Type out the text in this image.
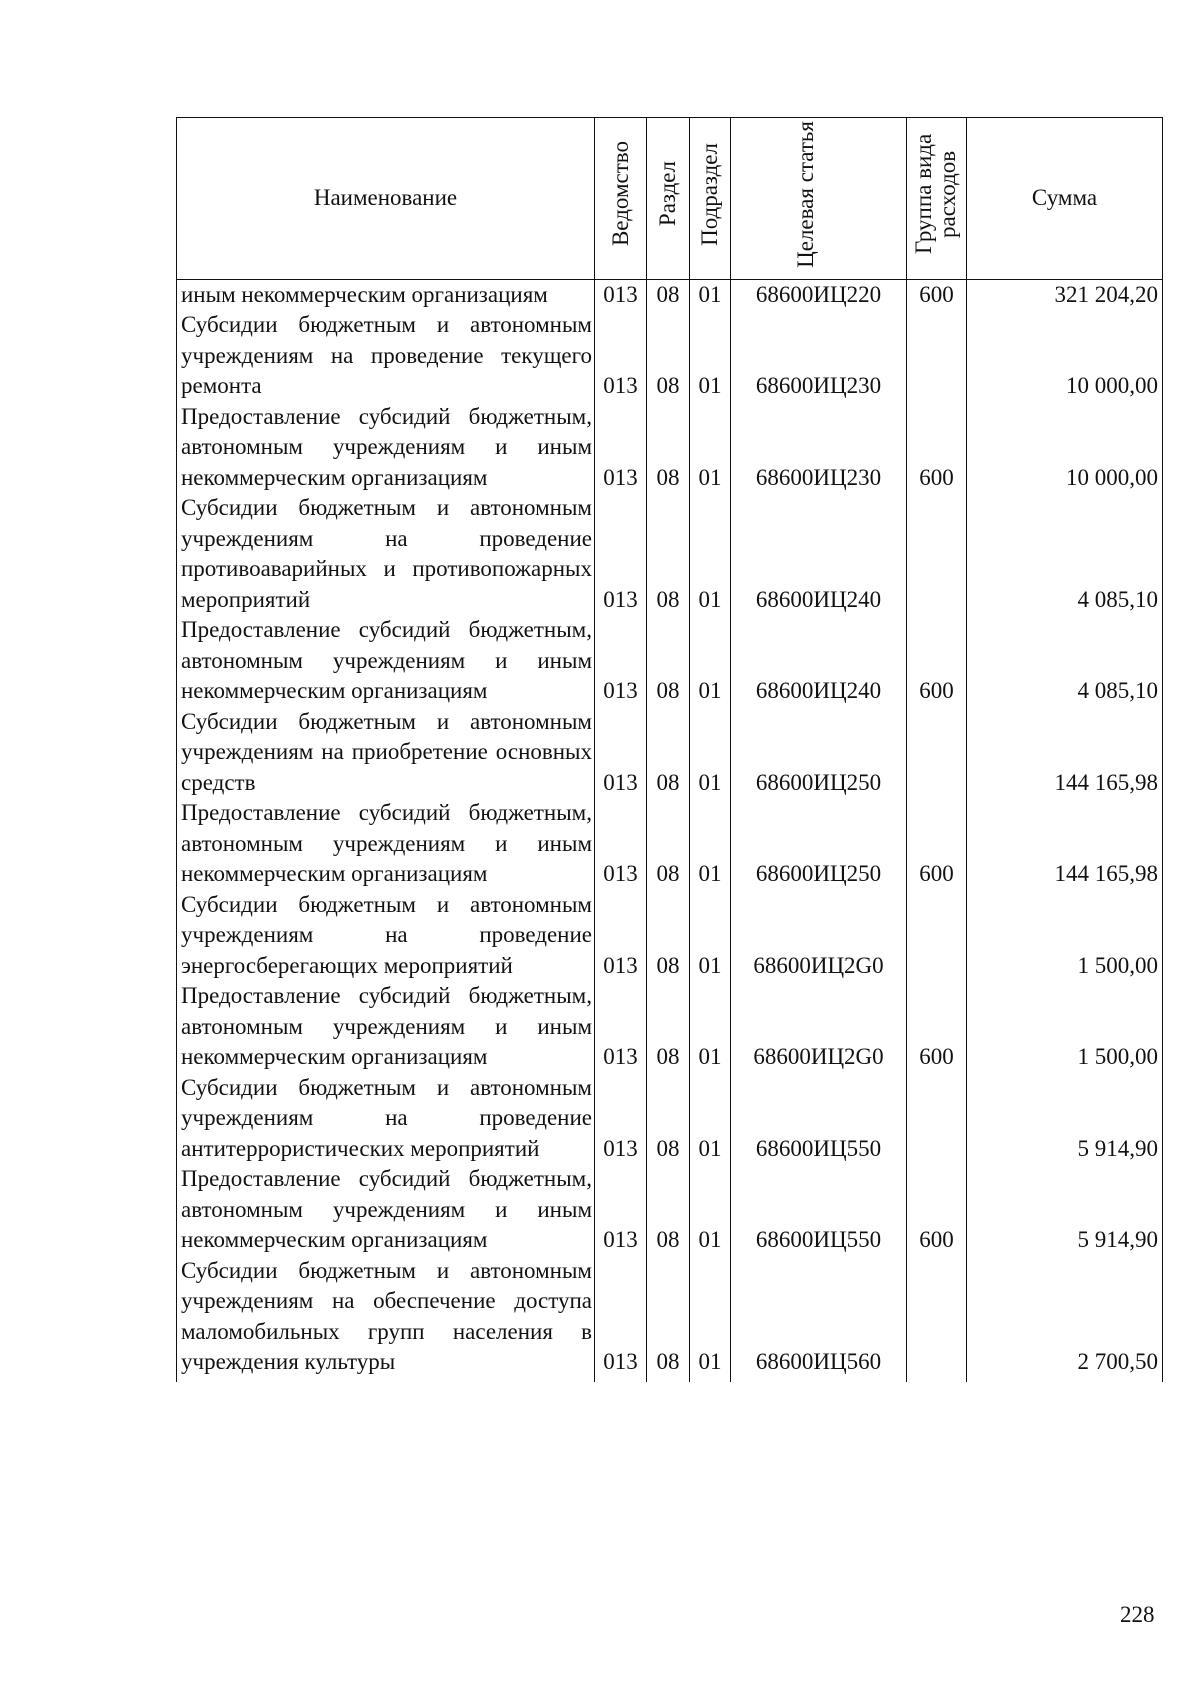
Наименование	Ведомство	Раздел	Подраздел	Целевая статья	Группа вида расходов	Сумма
иным некоммерческим организациям	013	08	01	68600ИЦ220	600	321 204,20
Субсидии бюджетным и автономным учреждениям на проведение текущего ремонта	013	08	01	68600ИЦ230		10 000,00
Предоставление субсидий бюджетным, автономным учреждениям и иным некоммерческим организациям	013	08	01	68600ИЦ230	600	10 000,00
Субсидии бюджетным и автономным учреждениям на проведение противоаварийных и противопожарных мероприятий	013	08	01	68600ИЦ240		4 085,10
Предоставление субсидий бюджетным, автономным учреждениям и иным некоммерческим организациям	013	08	01	68600ИЦ240	600	4 085,10
Субсидии бюджетным и автономным учреждениям на приобретение основных средств	013	08	01	68600ИЦ250		144 165,98
Предоставление субсидий бюджетным, автономным учреждениям и иным некоммерческим организациям	013	08	01	68600ИЦ250	600	144 165,98
Субсидии бюджетным и автономным учреждениям на проведение энергосберегающих мероприятий	013	08	01	68600ИЦ2G0		1 500,00
Предоставление субсидий бюджетным, автономным учреждениям и иным некоммерческим организациям	013	08	01	68600ИЦ2G0	600	1 500,00
Субсидии бюджетным и автономным учреждениям на проведение антитеррористических мероприятий	013	08	01	68600ИЦ550		5 914,90
Предоставление субсидий бюджетным, автономным учреждениям и иным некоммерческим организациям	013	08	01	68600ИЦ550	600	5 914,90
Субсидии бюджетным и автономным учреждениям на обеспечение доступа маломобильных групп населения в учреждения культуры	013	08	01	68600ИЦ560		2 700,50
228
